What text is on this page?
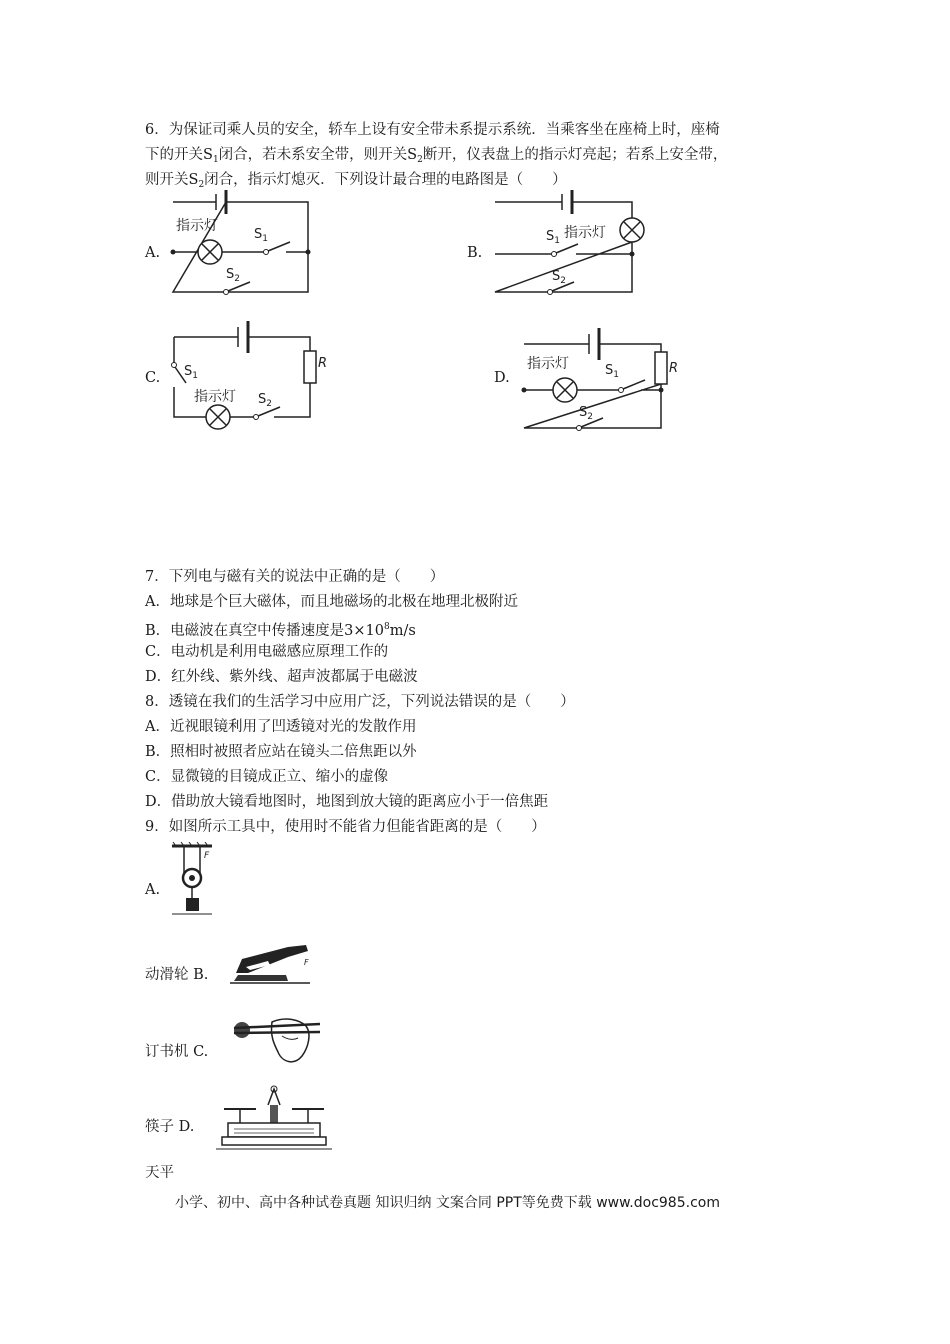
6．为保证司乘人员的安全，轿车上设有安全带未系提示系统．当乘客坐在座椅上时，座椅
下的开关$S_1$闭合，若未系安全带，则开关$S_2$断开，仪表盘上的指示灯亮起；若系上安全带，
则开关$S_2$闭合，指示灯熄灭．下列设计最合理的电路图是（　　）
A.
指示灯
$S_1$
$S_2$
B.
$S_1$ 指示灯
$S_2$
C.
R
$S_1$
指示灯 $S_2$
D.
R
指示灯	$S_1$
$S_2$
7．下列电与磁有关的说法中正确的是（　　）
A．地球是个巨大磁体，而且地磁场的北极在地理北极附近
B．电磁波在真空中传播速度是$3\times 10^8m/s$
C．电动机是利用电磁感应原理工作的
D．红外线、紫外线、超声波都属于电磁波
8．透镜在我们的生活学习中应用广泛，下列说法错误的是（　　）
A．近视眼镜利用了凹透镜对光的发散作用
B．照相时被照者应站在镜头二倍焦距以外
C．显微镜的目镜成正立、缩小的虚像
D．借助放大镜看地图时，地图到放大镜的距离应小于一倍焦距
9．如图所示工具中，使用时不能省力但能省距离的是（　　）
A.
F
动滑轮 B.
F
订书机 C.
筷子 D.
天平
小学、初中、高中各种试卷真题 知识归纳 文案合同 PPT等免费下载 www.doc985.com
